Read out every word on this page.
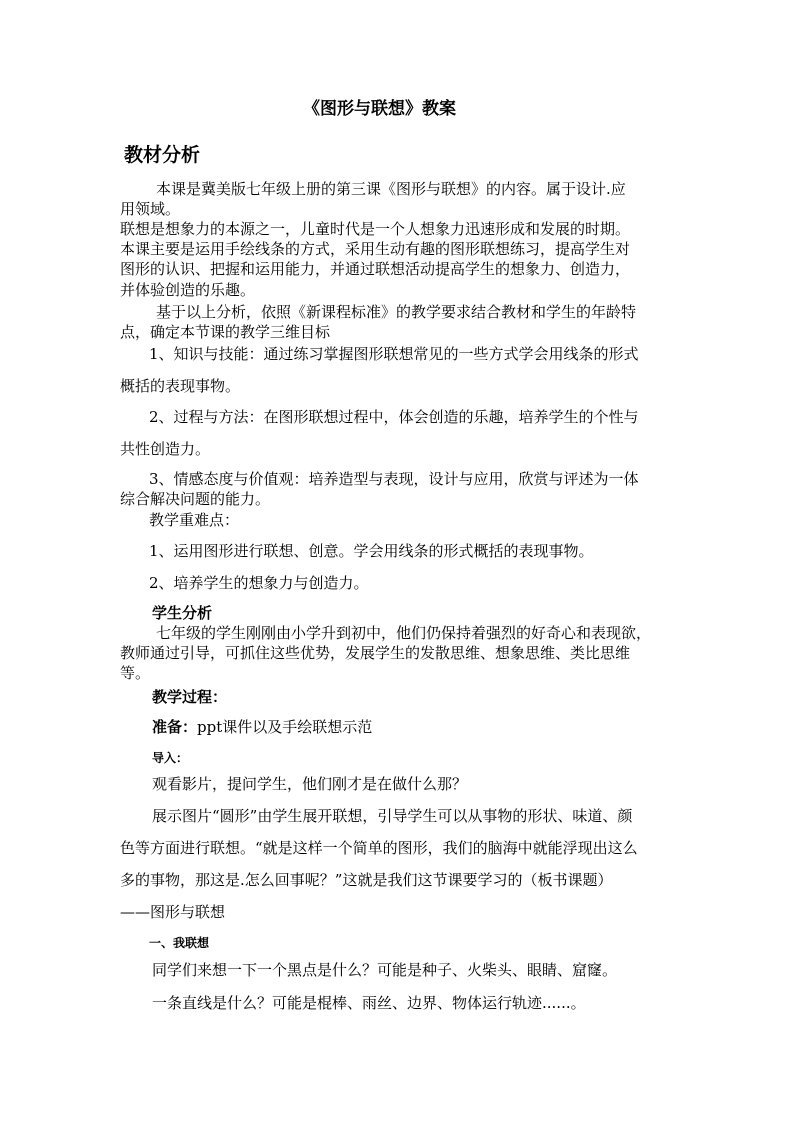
《图形与联想》教案
教材分析
本课是冀美版七年级上册的第三课《图形与联想》的内容。属于设计.应
用领域。
联想是想象力的本源之一，儿童时代是一个人想象力迅速形成和发展的时期。
本课主要是运用手绘线条的方式，采用生动有趣的图形联想练习，提高学生对
图形的认识、把握和运用能力，并通过联想活动提高学生的想象力、创造力，
并体验创造的乐趣。
基于以上分析，依照《新课程标准》的教学要求结合教材和学生的年龄特
点，确定本节课的教学三维目标
1、知识与技能：通过练习掌握图形联想常见的一些方式学会用线条的形式
概括的表现事物。
2、过程与方法：在图形联想过程中，体会创造的乐趣，培养学生的个性与
共性创造力。
3、情感态度与价值观：培养造型与表现，设计与应用，欣赏与评述为一体
综合解决问题的能力。
教学重难点：
1、运用图形进行联想、创意。学会用线条的形式概括的表现事物。
2、培养学生的想象力与创造力。
学生分析
七年级的学生刚刚由小学升到初中，他们仍保持着强烈的好奇心和表现欲，
教师通过引导，可抓住这些优势，发展学生的发散思维、想象思维、类比思维
等。
教学过程：
准备：ppt课件以及手绘联想示范
导入：
观看影片，提问学生，他们刚才是在做什么那？
展示图片“圆形”由学生展开联想，引导学生可以从事物的形状、味道、颜
色等方面进行联想。“就是这样一个简单的图形，我们的脑海中就能浮现出这么
多的事物，那这是.怎么回事呢？”这就是我们这节课要学习的（板书课题）
——图形与联想
一、我联想
同学们来想一下一个黑点是什么？可能是种子、火柴头、眼睛、窟窿。
一条直线是什么？可能是棍棒、雨丝、边界、物体运行轨迹......。
